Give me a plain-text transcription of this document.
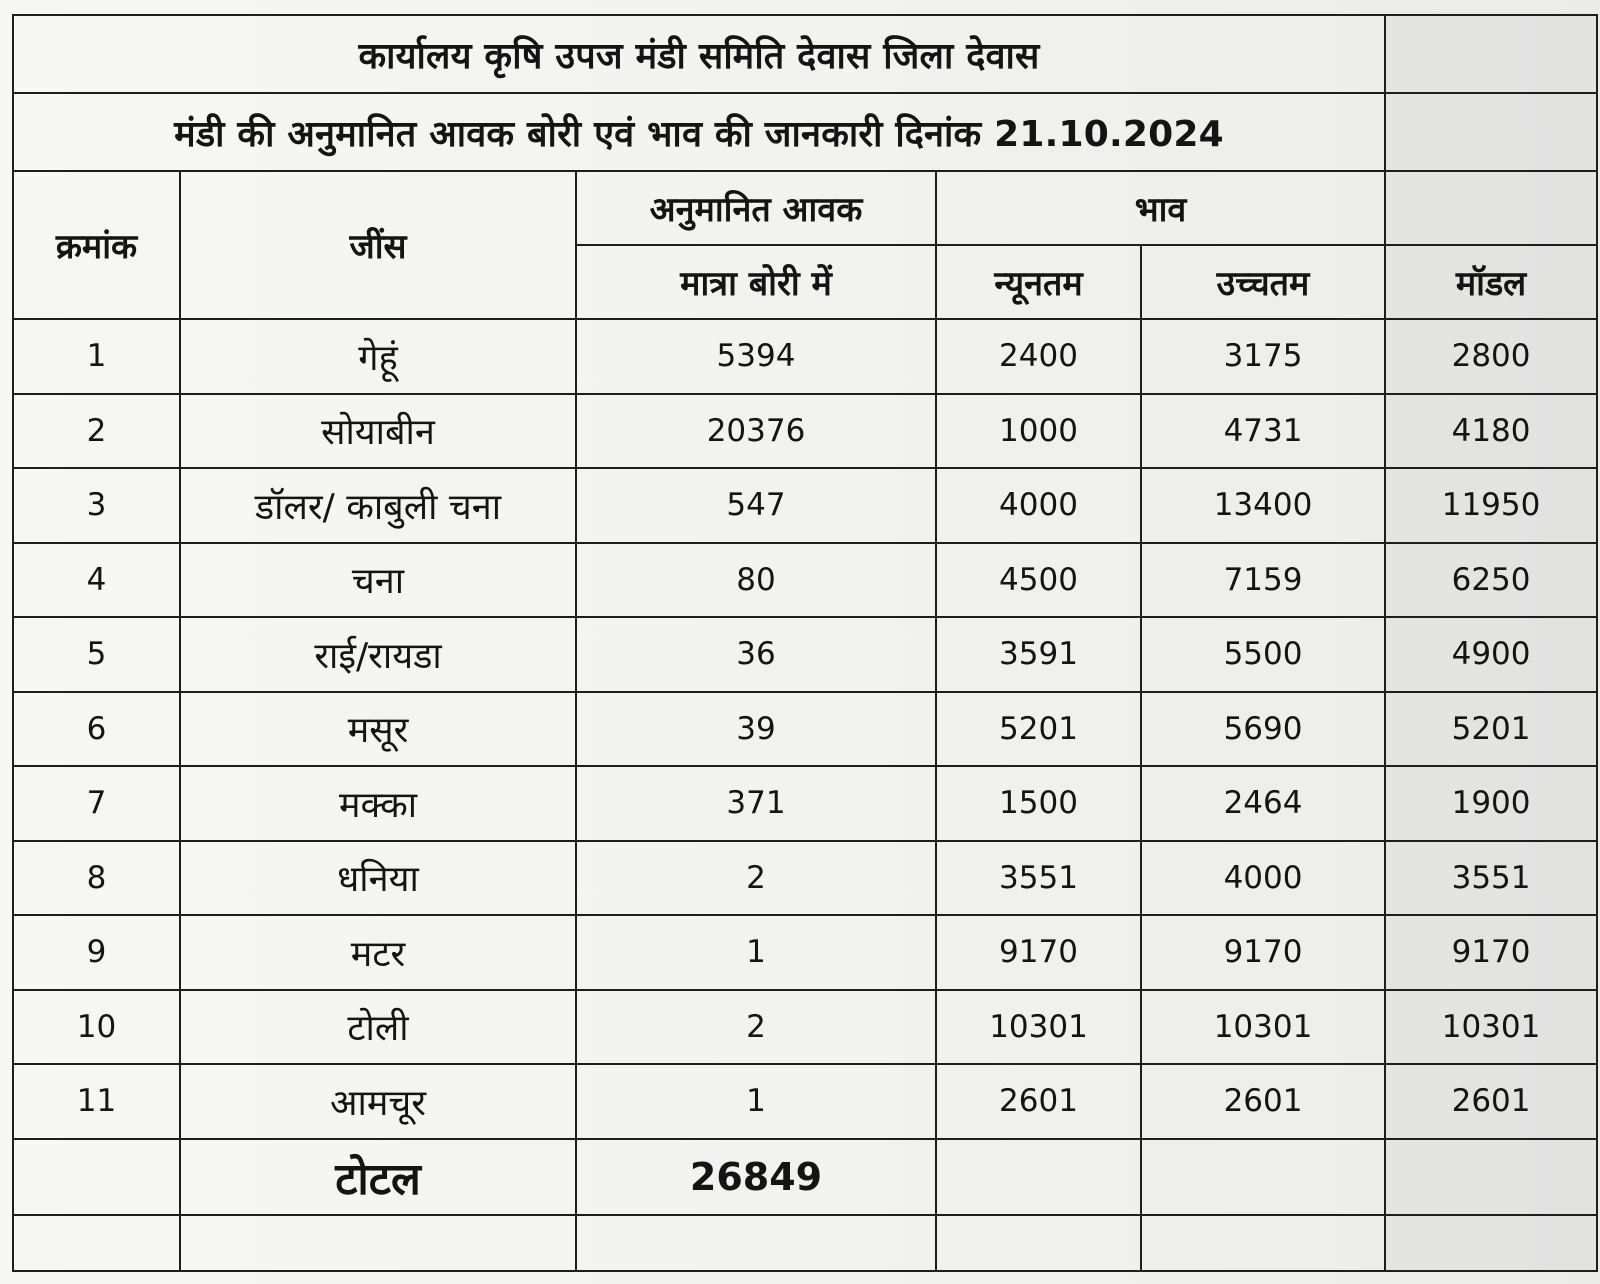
कार्यालय कृषि उपज मंडी समिति देवास जिला देवास					
मंडी की अनुमानित आवक बोरी एवं भाव की जानकारी दिनांक 21.10.2024					
क्रमांक	जींस	अनुमानित आवक	भाव		
		मात्रा बोरी में	न्यूनतम	उच्चतम	मॉडल
1	गेहूं	5394	2400	3175	2800
2	सोयाबीन	20376	1000	4731	4180
3	डॉलर/ काबुली चना	547	4000	13400	11950
4	चना	80	4500	7159	6250
5	राई/रायडा	36	3591	5500	4900
6	मसूर	39	5201	5690	5201
7	मक्का	371	1500	2464	1900
8	धनिया	2	3551	4000	3551
9	मटर	1	9170	9170	9170
10	टोली	2	10301	10301	10301
11	आमचूर	1	2601	2601	2601
	टोटल	26849			
